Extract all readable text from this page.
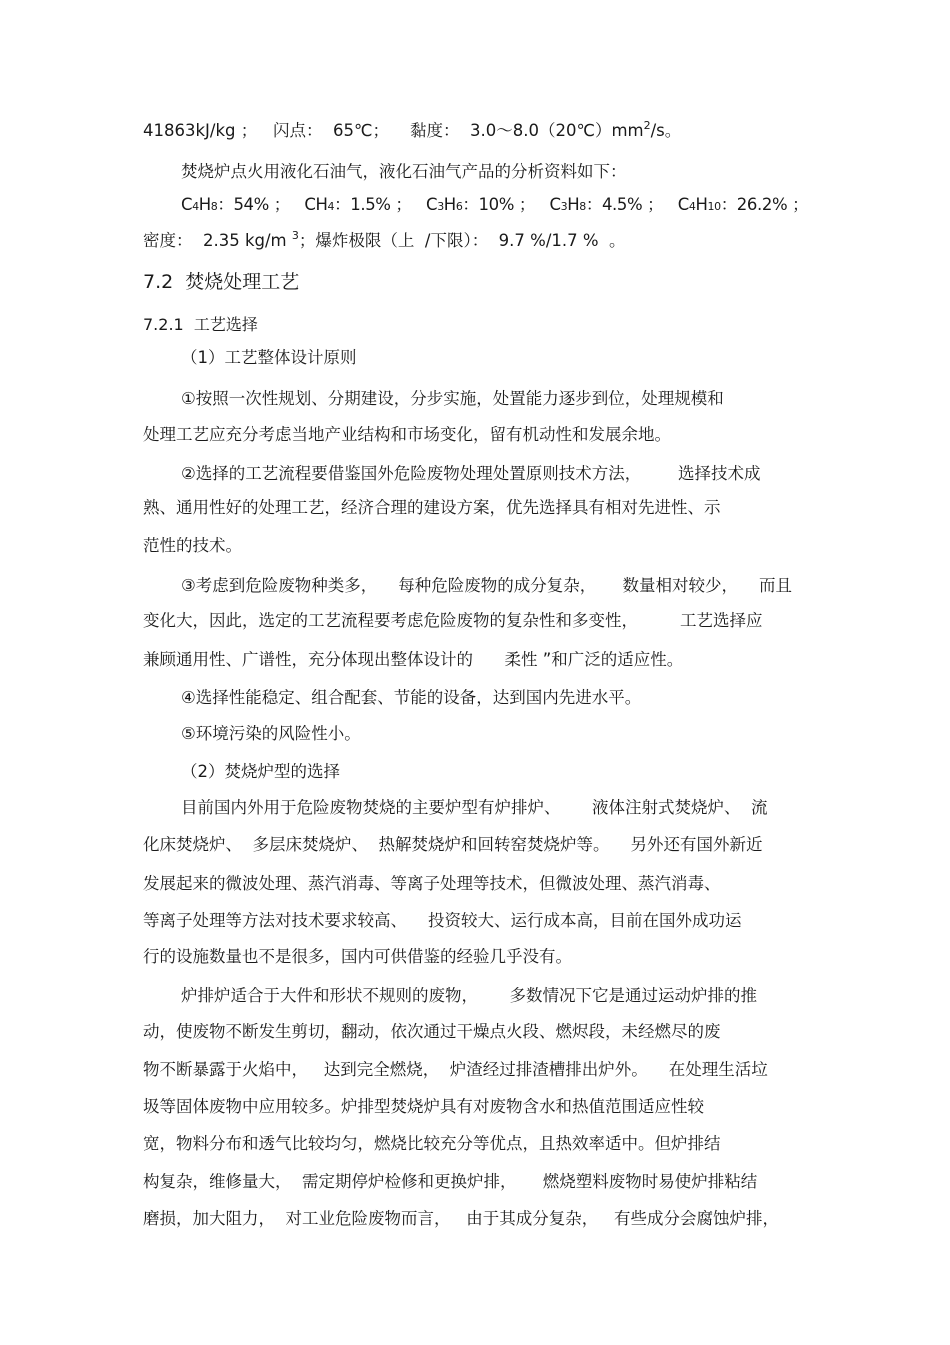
41863kJ/kg ；   闪点：  65℃；    黏度：  $3.0\sim 8.0(20℃)mm^2/s$。
焚烧炉点火用液化石油气，液化石油气产品的分析资料如下：
C4H8：54% ；   CH4：1.5% ；   C3H6：10% ；   C3H8：4.5% ；   C4H10：26.2% ；
密度：  2.35 kg/m $^3$；爆炸极限（上  /下限）：  9.7 %/1.7 %  。
7.2  焚烧处理工艺
7.2.1  工艺选择
（1）工艺整体设计原则
①按照一次性规划、分期建设，分步实施，处置能力逐步到位，处理规模和
处理工艺应充分考虑当地产业结构和市场变化，留有机动性和发展余地。
②选择的工艺流程要借鉴国外危险废物处理处置原则技术方法，       选择技术成
熟、通用性好的处理工艺，经济合理的建设方案，优先选择具有相对先进性、示
范性的技术。
③考虑到危险废物种类多，    每种危险废物的成分复杂，     数量相对较少，    而且
变化大，因此，选定的工艺流程要考虑危险废物的复杂性和多变性，        工艺选择应
兼顾通用性、广谱性，充分体现出整体设计的      柔性 ”和广泛的适应性。
④选择性能稳定、组合配套、节能的设备，达到国内先进水平。
⑤环境污染的风险性小。
（2）焚烧炉型的选择
目前国内外用于危险废物焚烧的主要炉型有炉排炉、      液体注射式焚烧炉、  流
化床焚烧炉、  多层床焚烧炉、  热解焚烧炉和回转窑焚烧炉等。    另外还有国外新近
发展起来的微波处理、蒸汽消毒、等离子处理等技术，但微波处理、蒸汽消毒、
等离子处理等方法对技术要求较高、    投资较大、运行成本高，目前在国外成功运
行的设施数量也不是很多，国内可供借鉴的经验几乎没有。
炉排炉适合于大件和形状不规则的废物，      多数情况下它是通过运动炉排的推
动，使废物不断发生剪切，翻动，依次通过干燥点火段、燃烬段，未经燃尽的废
物不断暴露于火焰中，   达到完全燃烧，  炉渣经过排渣槽排出炉外。    在处理生活垃
圾等固体废物中应用较多。炉排型焚烧炉具有对废物含水和热值范围适应性较
宽，物料分布和透气比较均匀，燃烧比较充分等优点，且热效率适中。但炉排结
构复杂，维修量大，  需定期停炉检修和更换炉排，     燃烧塑料废物时易使炉排粘结
磨损，加大阻力，  对工业危险废物而言，   由于其成分复杂，   有些成分会腐蚀炉排，
